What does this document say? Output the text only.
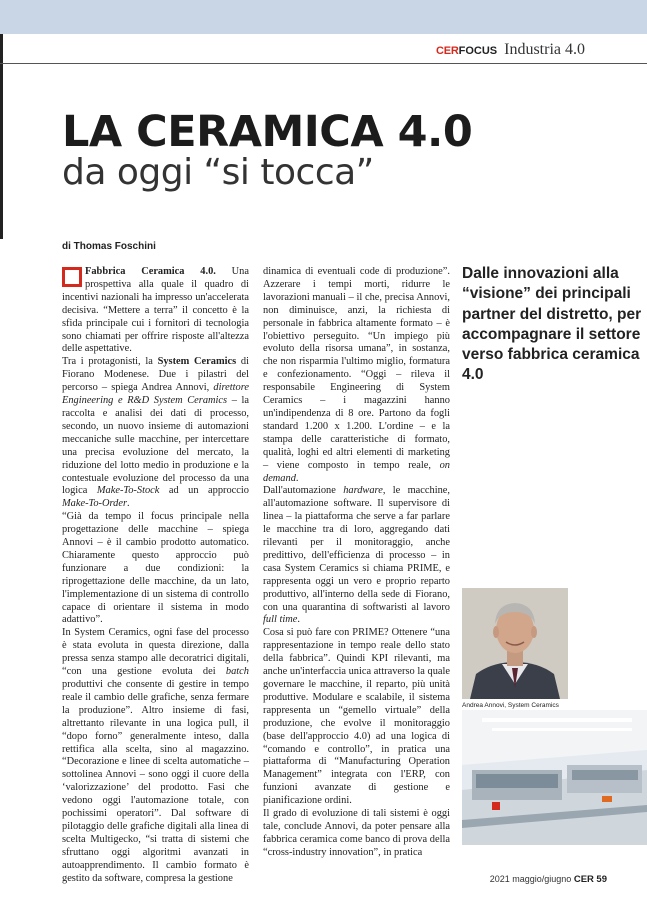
CERFOCUS Industria 4.0
LA CERAMICA 4.0
da oggi “si tocca”
di Thomas Foschini

Fabbrica Ceramica 4.0. Una prospettiva alla quale il quadro di incentivi nazionali ha impresso un'accelerata decisiva. “Mettere a terra” il concetto è la sfida principale cui i fornitori di tecnologia sono chiamati per offrire risposte all'altezza delle aspettative.

Tra i protagonisti, la System Ceramics di Fiorano Modenese. Due i pilastri del percorso – spiega Andrea Annovi, direttore Engineering e R&D System Ceramics – la raccolta e analisi dei dati di processo, secondo, un nuovo insieme di automazioni meccaniche sulle macchine, per intercettare una precisa evoluzione del mercato, la riduzione del lotto medio in produzione e la contestuale evoluzione del processo da una logica Make-To-Stock ad un approccio Make-To-Order.

“Già da tempo il focus principale nella progettazione delle macchine – spiega Annovi – è il cambio prodotto automatico. Chiaramente questo approccio può funzionare a due condizioni: la riprogettazione delle macchine, da un lato, l'implementazione di un sistema di controllo capace di orientare il sistema in modo adattivo”.

In System Ceramics, ogni fase del processo è stata evoluta in questa direzione, dalla pressa senza stampo alle decoratrici digitali, “con una gestione evoluta dei batch produttivi che consente di gestire in tempo reale il cambio delle grafiche, senza fermare la produzione”. Altro insieme di fasi, altrettanto rilevante in una logica pull, il “dopo forno” generalmente inteso, dalla rettifica alla scelta, sino al magazzino. “Decorazione e linee di scelta automatiche – sottolinea Annovi – sono oggi il cuore della ‘valorizzazione’ del prodotto. Fasi che vedono oggi l'automazione totale, con pochissimi operatori”. Dal software di pilotaggio delle grafiche digitali alla linea di scelta Multigecko, “si tratta di sistemi che sfruttano oggi algoritmi avanzati in autoapprendimento. Il cambio formato è gestito da software, compresa la gestione

dinamica di eventuali code di produzione”. Azzerare i tempi morti, ridurre le lavorazioni manuali – il che, precisa Annovi, non diminuisce, anzi, la richiesta di personale in fabbrica altamente formato – è l'obiettivo perseguito. “Un impiego più evoluto della risorsa umana”, in sostanza, che non risparmia l'ultimo miglio, formatura e confezionamento. “Oggi – rileva il responsabile Engineering di System Ceramics – i magazzini hanno un'indipendenza di 8 ore. Partono da fogli standard 1.200 x 1.200. L'ordine – e la stampa delle caratteristiche di formato, qualità, loghi ed altri elementi di marketing – viene composto in tempo reale, on demand.

Dall'automazione hardware, le macchine, all'automazione software. Il supervisore di linea – la piattaforma che serve a far parlare le macchine tra di loro, aggregando dati rilevanti per il monitoraggio, anche predittivo, dell'efficienza di processo – in casa System Ceramics si chiama PRIME, e rappresenta oggi un vero e proprio reparto produttivo, all'interno della sede di Fiorano, con una quarantina di softwaristi al lavoro full time.

Cosa si può fare con PRIME? Ottenere “una rappresentazione in tempo reale dello stato della fabbrica”. Quindi KPI rilevanti, ma anche un'interfaccia unica attraverso la quale governare le macchine, il reparto, più unità produttive. Modulare e scalabile, il sistema rappresenta un “gemello virtuale” della produzione, che evolve il monitoraggio (base dell'approccio 4.0) ad una logica di “comando e controllo”, in pratica una piattaforma di “Manufacturing Operation Management” integrata con l'ERP, con funzioni avanzate di gestione e pianificazione ordini.

Il grado di evoluzione di tali sistemi è oggi tale, conclude Annovi, da poter pensare alla fabbrica ceramica come banco di prova della “cross-industry innovation”, in pratica

Dalle innovazioni alla “visione” dei principali partner del distretto, per accompagnare il settore verso fabbrica ceramica 4.0
Andrea Annovi, System Ceramics
2021 maggio/giugno CER 59
